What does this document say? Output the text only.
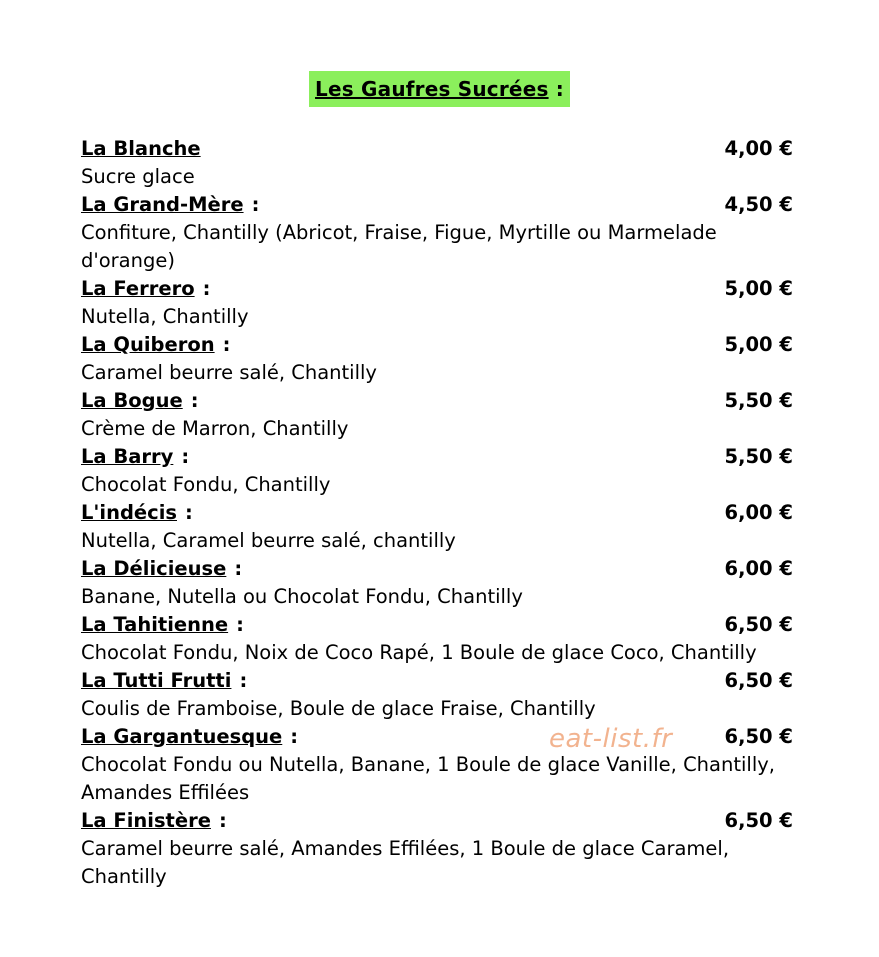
Les Gaufres Sucrées :
La Blanche	4,00 €
Sucre glace
La Grand-Mère :	4,50 €
Confiture, Chantilly (Abricot, Fraise, Figue, Myrtille ou Marmelade d'orange)
La Ferrero :	5,00 €
Nutella, Chantilly
La Quiberon :	5,00 €
Caramel beurre salé, Chantilly
La Bogue :	5,50 €
Crème de Marron, Chantilly
La Barry :	5,50 €
Chocolat Fondu, Chantilly
L'indécis :	6,00 €
Nutella, Caramel beurre salé, chantilly
La Délicieuse :	6,00 €
Banane, Nutella ou Chocolat Fondu, Chantilly
La Tahitienne :	6,50 €
Chocolat Fondu, Noix de Coco Rapé, 1 Boule de glace Coco, Chantilly
La Tutti Frutti :	6,50 €
Coulis de Framboise, Boule de glace Fraise, Chantilly
La Gargantuesque :	6,50 €
Chocolat Fondu ou Nutella, Banane, 1 Boule de glace Vanille, Chantilly, Amandes Effilées
La Finistère :	6,50 €
Caramel beurre salé, Amandes Effilées, 1 Boule de glace Caramel, Chantilly
eat-list.fr
